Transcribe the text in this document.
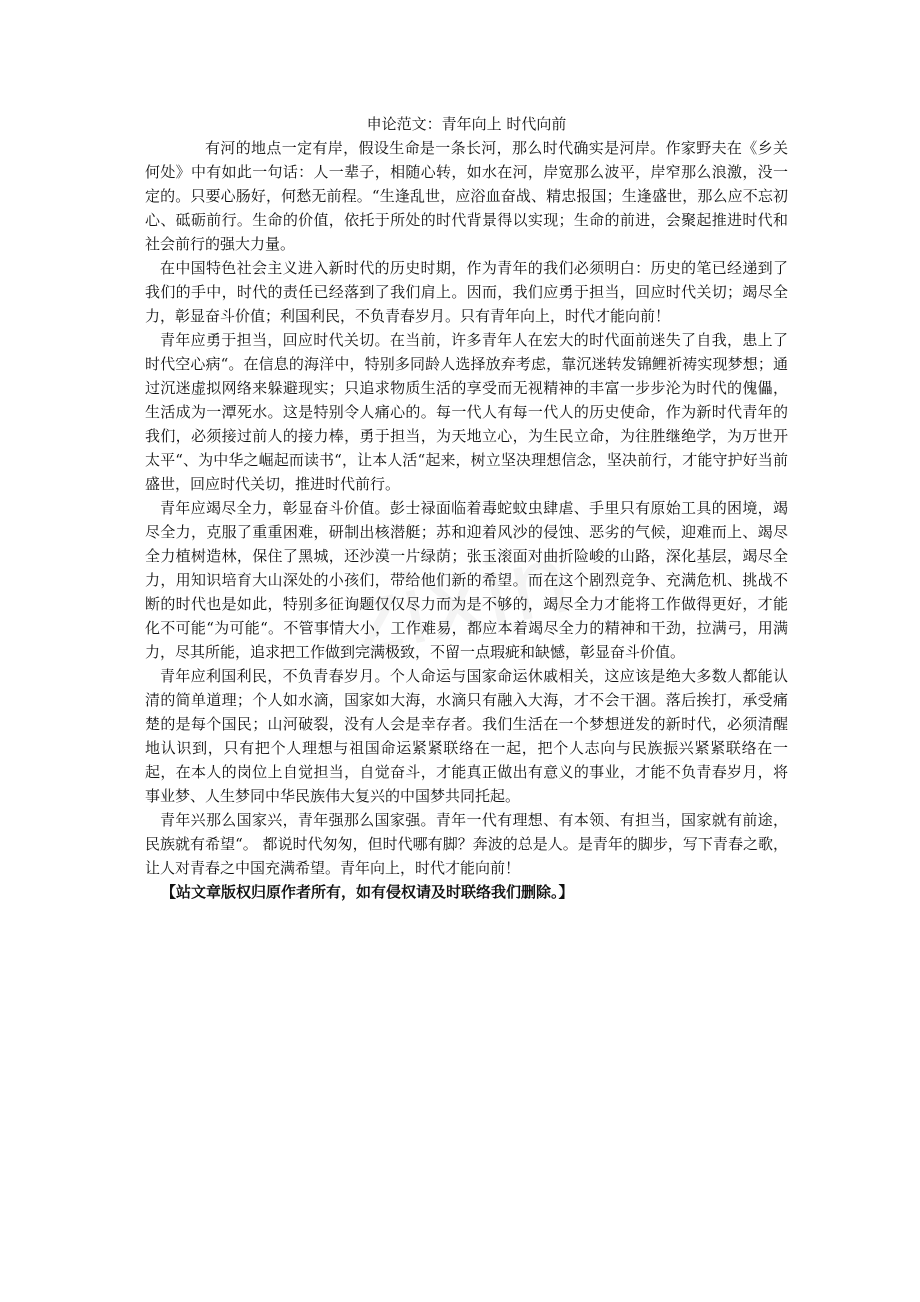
申论范文：青年向上 时代向前

有河的地点一定有岸，假设生命是一条长河，那么时代确实是河岸。作家野夫在《乡关何处》中有如此一句话：人一辈子，相随心转，如水在河，岸宽那么波平，岸窄那么浪激，没一定的。只要心肠好，何愁无前程。“生逢乱世，应浴血奋战、精忠报国；生逢盛世，那么应不忘初心、砥砺前行。生命的价值，依托于所处的时代背景得以实现；生命的前进，会聚起推进时代和社会前行的强大力量。

在中国特色社会主义进入新时代的历史时期，作为青年的我们必须明白：历史的笔已经递到了我们的手中，时代的责任已经落到了我们肩上。因而，我们应勇于担当，回应时代关切；竭尽全力，彰显奋斗价值；利国利民，不负青春岁月。只有青年向上，时代才能向前！

青年应勇于担当，回应时代关切。在当前，许多青年人在宏大的时代面前迷失了自我，患上了时代空心病“。在信息的海洋中，特别多同龄人选择放弃考虑，靠沉迷转发锦鲤祈祷实现梦想；通过沉迷虚拟网络来躲避现实；只追求物质生活的享受而无视精神的丰富一步步沦为时代的傀儡，生活成为一潭死水。这是特别令人痛心的。每一代人有每一代人的历史使命，作为新时代青年的我们，必须接过前人的接力棒，勇于担当，为天地立心，为生民立命，为往胜继绝学，为万世开太平“、为中华之崛起而读书“，让本人活“起来，树立坚决理想信念，坚决前行，才能守护好当前盛世，回应时代关切，推进时代前行。

青年应竭尽全力，彰显奋斗价值。彭士禄面临着毒蛇蚊虫肆虐、手里只有原始工具的困境，竭尽全力，克服了重重困难，研制出核潜艇；苏和迎着风沙的侵蚀、恶劣的气候，迎难而上、竭尽全力植树造林，保住了黑城，还沙漠一片绿荫；张玉滚面对曲折险峻的山路，深化基层，竭尽全力，用知识培育大山深处的小孩们，带给他们新的希望。而在这个剧烈竞争、充满危机、挑战不断的时代也是如此，特别多征询题仅仅尽力而为是不够的，竭尽全力才能将工作做得更好，才能化不可能“为可能“。不管事情大小，工作难易，都应本着竭尽全力的精神和干劲，拉满弓，用满力，尽其所能，追求把工作做到完满极致，不留一点瑕疵和缺憾，彰显奋斗价值。

青年应利国利民，不负青春岁月。个人命运与国家命运休戚相关，这应该是绝大多数人都能认清的简单道理；个人如水滴，国家如大海，水滴只有融入大海，才不会干涸。落后挨打，承受痛楚的是每个国民；山河破裂，没有人会是幸存者。我们生活在一个梦想迸发的新时代，必须清醒地认识到，只有把个人理想与祖国命运紧紧联络在一起，把个人志向与民族振兴紧紧联络在一起，在本人的岗位上自觉担当，自觉奋斗，才能真正做出有意义的事业，才能不负青春岁月，将事业梦、人生梦同中华民族伟大复兴的中国梦共同托起。

青年兴那么国家兴，青年强那么国家强。青年一代有理想、有本领、有担当，国家就有前途，民族就有希望“。 都说时代匆匆，但时代哪有脚？奔波的总是人。是青年的脚步，写下青春之歌，让人对青春之中国充满希望。青年向上，时代才能向前！

【站文章版权归原作者所有，如有侵权请及时联络我们删除。】
